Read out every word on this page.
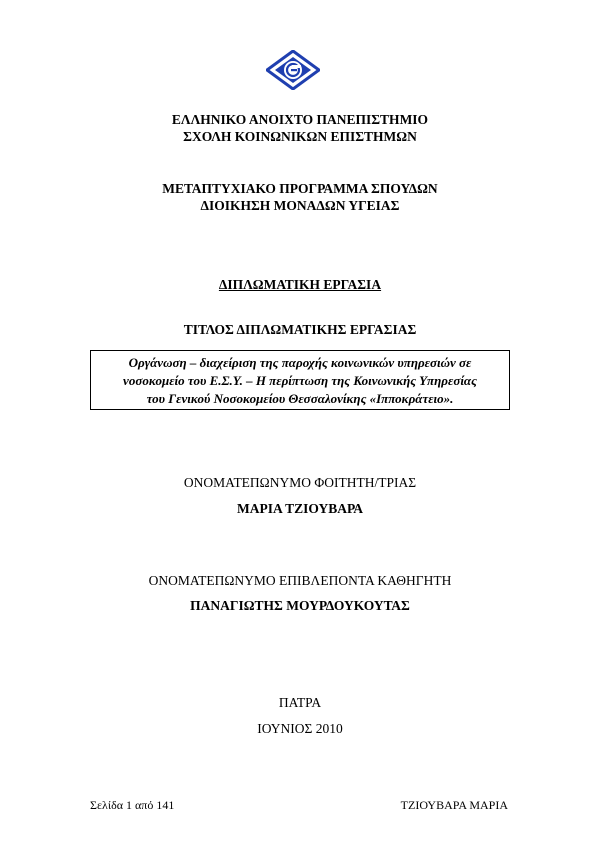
ΕΛΛΗΝΙΚΟ ΑΝΟΙΧΤΟ ΠΑΝΕΠΙΣΤΗΜΙΟ
ΣΧΟΛΗ ΚΟΙΝΩΝΙΚΩΝ ΕΠΙΣΤΗΜΩΝ
ΜΕΤΑΠΤΥΧΙΑΚΟ ΠΡΟΓΡΑΜΜΑ ΣΠΟΥΔΩΝ
ΔΙΟΙΚΗΣΗ ΜΟΝΑΔΩΝ ΥΓΕΙΑΣ
ΔΙΠΛΩΜΑΤΙΚΗ ΕΡΓΑΣΙΑ
ΤΙΤΛΟΣ ΔΙΠΛΩΜΑΤΙΚΗΣ ΕΡΓΑΣΙΑΣ
Οργάνωση – διαχείριση της παροχής κοινωνικών υπηρεσιών σε
νοσοκομείο του Ε.Σ.Υ. – Η περίπτωση της Κοινωνικής Υπηρεσίας
του Γενικού Νοσοκομείου Θεσσαλονίκης «Ιπποκράτειο».
ΟΝΟΜΑΤΕΠΩΝΥΜΟ ΦΟΙΤΗΤΗ/ΤΡΙΑΣ
ΜΑΡΙΑ ΤΖΙΟΥΒΑΡΑ
ΟΝΟΜΑΤΕΠΩΝΥΜΟ ΕΠΙΒΛΕΠΟΝΤΑ ΚΑΘΗΓΗΤΗ
ΠΑΝΑΓΙΩΤΗΣ ΜΟΥΡΔΟΥΚΟΥΤΑΣ
ΠΑΤΡΑ
ΙΟΥΝΙΟΣ 2010
Σελίδα 1 από 141	ΤΖΙΟΥΒΑΡΑ ΜΑΡΙΑ
